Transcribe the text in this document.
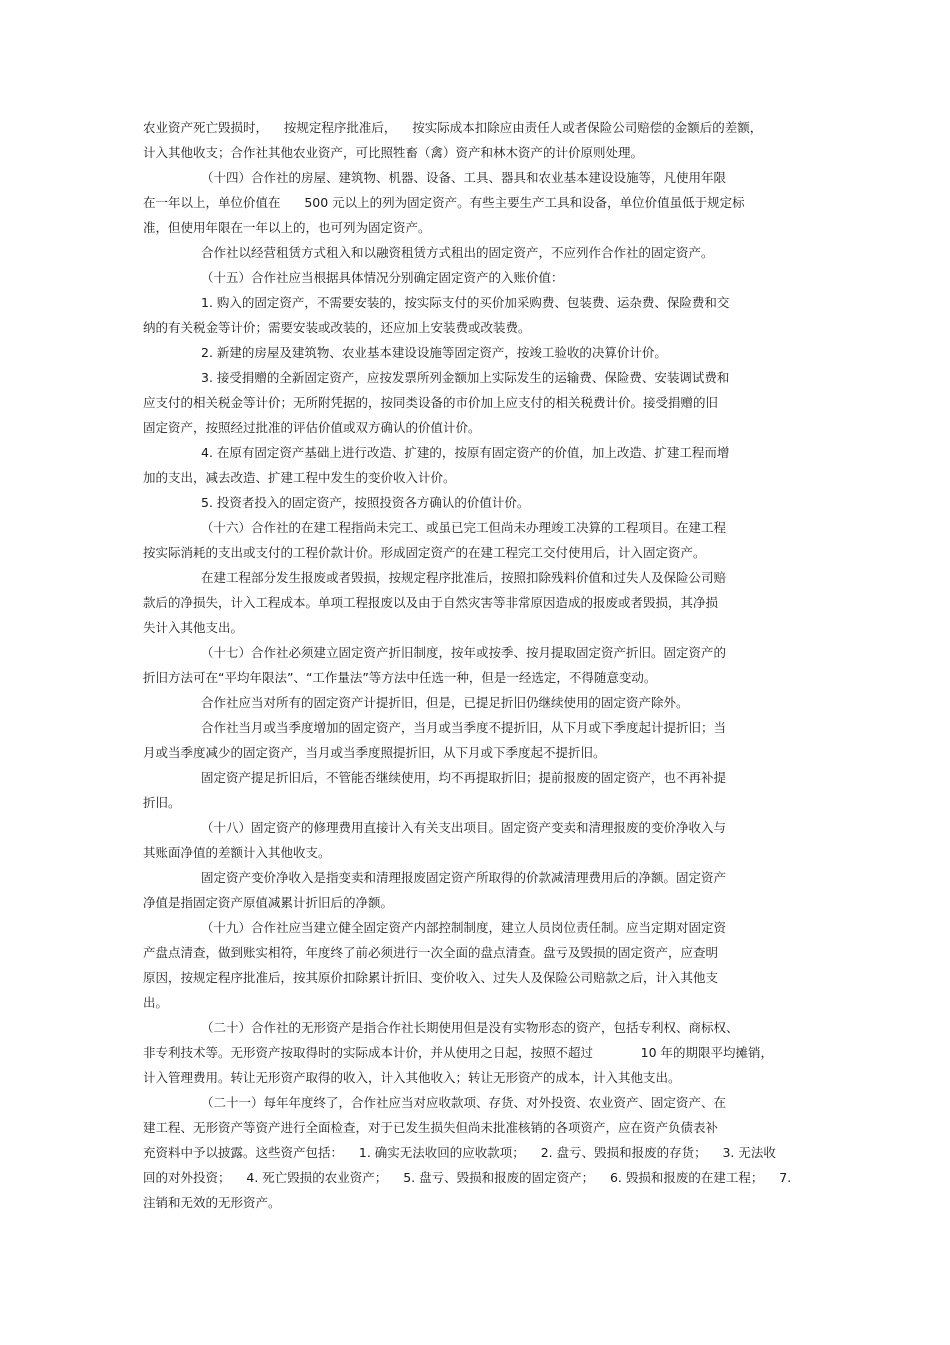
农业资产死亡毁损时，    按规定程序批准后，    按实际成本扣除应由责任人或者保险公司赔偿的金额后的差额，
计入其他收支；合作社其他农业资产，可比照牲畜（禽）资产和林木资产的计价原则处理。
（十四）合作社的房屋、建筑物、机器、设备、工具、器具和农业基本建设设施等，凡使用年限
在一年以上，单位价值在      500 元以上的列为固定资产。有些主要生产工具和设备，单位价值虽低于规定标
准，但使用年限在一年以上的，也可列为固定资产。
合作社以经营租赁方式租入和以融资租赁方式租出的固定资产，不应列作合作社的固定资产。
（十五）合作社应当根据具体情况分别确定固定资产的入账价值：
1. 购入的固定资产，不需要安装的，按实际支付的买价加采购费、包装费、运杂费、保险费和交
纳的有关税金等计价；需要安装或改装的，还应加上安装费或改装费。
2. 新建的房屋及建筑物、农业基本建设设施等固定资产，按竣工验收的决算价计价。
3. 接受捐赠的全新固定资产，应按发票所列金额加上实际发生的运输费、保险费、安装调试费和
应支付的相关税金等计价；无所附凭据的，按同类设备的市价加上应支付的相关税费计价。接受捐赠的旧
固定资产，按照经过批准的评估价值或双方确认的价值计价。
4. 在原有固定资产基础上进行改造、扩建的，按原有固定资产的价值，加上改造、扩建工程而增
加的支出，减去改造、扩建工程中发生的变价收入计价。
5. 投资者投入的固定资产，按照投资各方确认的价值计价。
（十六）合作社的在建工程指尚未完工、或虽已完工但尚未办理竣工决算的工程项目。在建工程
按实际消耗的支出或支付的工程价款计价。形成固定资产的在建工程完工交付使用后，计入固定资产。
在建工程部分发生报废或者毁损，按规定程序批准后，按照扣除残料价值和过失人及保险公司赔
款后的净损失，计入工程成本。单项工程报废以及由于自然灾害等非常原因造成的报废或者毁损，其净损
失计入其他支出。
（十七）合作社必须建立固定资产折旧制度，按年或按季、按月提取固定资产折旧。固定资产的
折旧方法可在“平均年限法”、“工作量法”等方法中任选一种，但是一经选定，不得随意变动。
合作社应当对所有的固定资产计提折旧，但是，已提足折旧仍继续使用的固定资产除外。
合作社当月或当季度增加的固定资产，当月或当季度不提折旧，从下月或下季度起计提折旧；当
月或当季度减少的固定资产，当月或当季度照提折旧，从下月或下季度起不提折旧。
固定资产提足折旧后，不管能否继续使用，均不再提取折旧；提前报废的固定资产，也不再补提
折旧。
（十八）固定资产的修理费用直接计入有关支出项目。固定资产变卖和清理报废的变价净收入与
其账面净值的差额计入其他收支。
固定资产变价净收入是指变卖和清理报废固定资产所取得的价款减清理费用后的净额。固定资产
净值是指固定资产原值减累计折旧后的净额。
（十九）合作社应当建立健全固定资产内部控制制度，建立人员岗位责任制。应当定期对固定资
产盘点清查，做到账实相符，年度终了前必须进行一次全面的盘点清查。盘亏及毁损的固定资产，应查明
原因，按规定程序批准后，按其原价扣除累计折旧、变价收入、过失人及保险公司赔款之后，计入其他支
出。
（二十）合作社的无形资产是指合作社长期使用但是没有实物形态的资产，包括专利权、商标权、
非专利技术等。无形资产按取得时的实际成本计价，并从使用之日起，按照不超过            10 年的期限平均摊销，
计入管理费用。转让无形资产取得的收入，计入其他收入；转让无形资产的成本，计入其他支出。
（二十一）每年年度终了，合作社应当对应收款项、存货、对外投资、农业资产、固定资产、在
建工程、无形资产等资产进行全面检查，对于已发生损失但尚未批准核销的各项资产，应在资产负债表补
充资料中予以披露。这些资产包括：    1. 确实无法收回的应收款项；    2. 盘亏、毁损和报废的存货；    3. 无法收
回的对外投资；    4. 死亡毁损的农业资产；    5. 盘亏、毁损和报废的固定资产；    6. 毁损和报废的在建工程；    7.
注销和无效的无形资产。
